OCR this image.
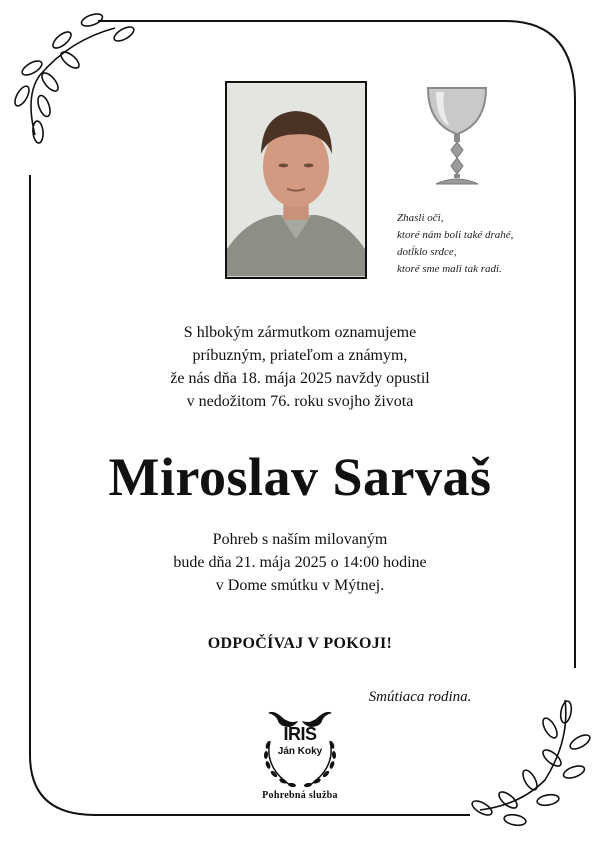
Zhasli oči,
ktoré nám boli také drahé,
dotĺklo srdce,
ktoré sme mali tak radi.
S hlbokým zármutkom oznamujeme
príbuzným, priateľom a známym,
že nás dňa 18. mája 2025 navždy opustil
v nedožitom 76. roku svojho života
Miroslav Sarvaš
Pohreb s naším milovaným
bude dňa 21. mája 2025 o 14:00 hodine
v Dome smútku v Mýtnej.
ODPOČÍVAJ V POKOJI!
Smútiaca rodina.
IRIS
Ján Koky
Pohrebná služba
